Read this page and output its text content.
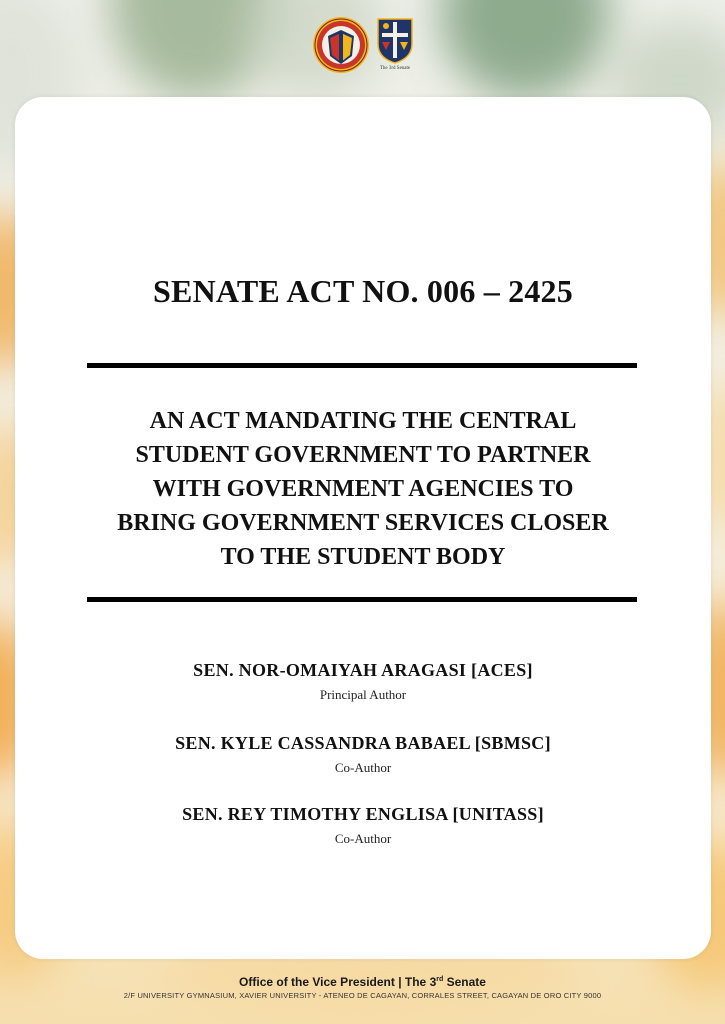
The 3rd Senate
SENATE ACT NO. 006 – 2425
AN ACT MANDATING THE CENTRAL
STUDENT GOVERNMENT TO PARTNER
WITH GOVERNMENT AGENCIES TO
BRING GOVERNMENT SERVICES CLOSER
TO THE STUDENT BODY
SEN. NOR-OMAIYAH ARAGASI [ACES]
Principal Author
SEN. KYLE CASSANDRA BABAEL [SBMSC]
Co-Author
SEN. REY TIMOTHY ENGLISA [UNITASS]
Co-Author
Office of the Vice President | The 3rd Senate
2/F UNIVERSITY GYMNASIUM, XAVIER UNIVERSITY - ATENEO DE CAGAYAN, CORRALES STREET, CAGAYAN DE ORO CITY 9000
